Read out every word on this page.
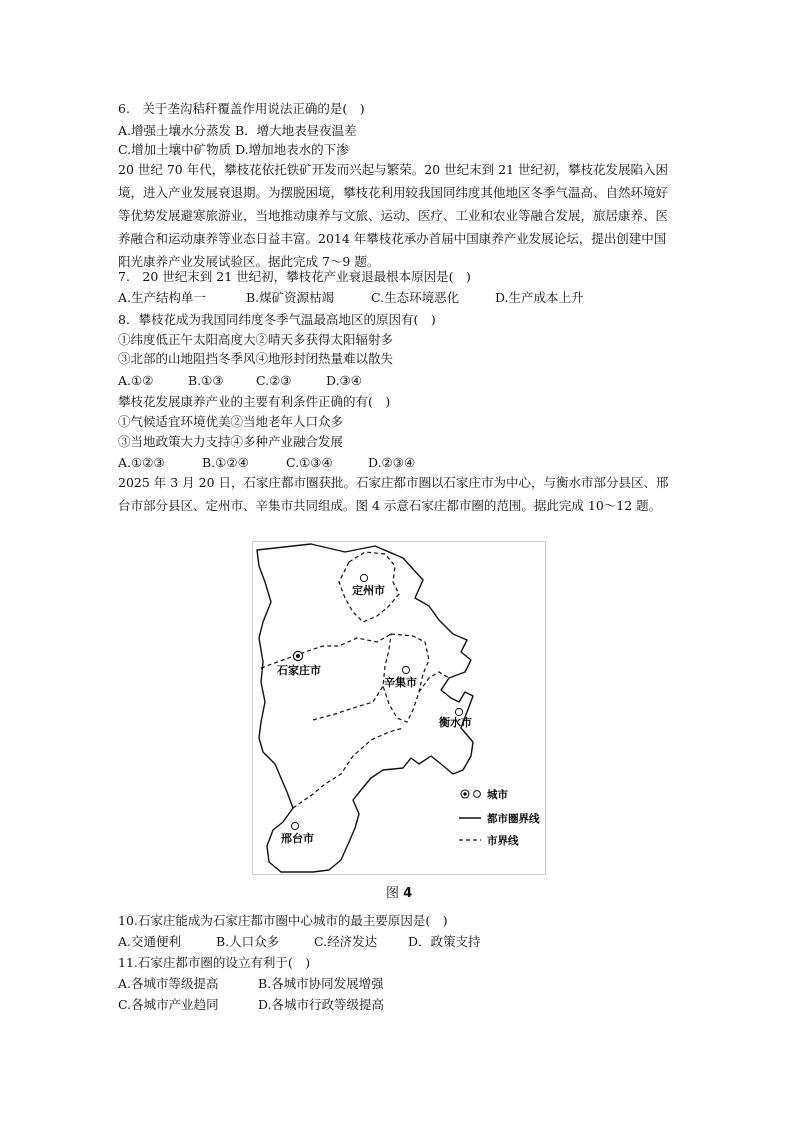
6.　关于垄沟秸秆覆盖作用说法正确的是(　)
A.增强土壤水分蒸发 B．增大地表昼夜温差
C.增加土壤中矿物质 D.增加地表水的下渗
20 世纪 70 年代，攀枝花依托铁矿开发而兴起与繁荣。20 世纪末到 21 世纪初，攀枝花发展陷入困境，进入产业发展衰退期。为摆脱困境，攀枝花利用较我国同纬度其他地区冬季气温高、自然环境好等优势发展避寒旅游业，当地推动康养与文旅、运动、医疗、工业和农业等融合发展，旅居康养、医养融合和运动康养等业态日益丰富。2014 年攀枝花承办首届中国康养产业发展论坛，提出创建中国阳光康养产业发展试验区。据此完成 7～9 题。
7.　20 世纪末到 21 世纪初，攀枝花产业衰退最根本原因是(　)
A.生产结构单一	B.煤矿资源枯竭	C.生态环境恶化	D.生产成本上升
8．攀枝花成为我国同纬度冬季气温最高地区的原因有(　)
①纬度低正午太阳高度大②晴天多获得太阳辐射多
③北部的山地阻挡冬季风④地形封闭热量难以散失
A.①②	B.①③	C.②③	D.③④
攀枝花发展康养产业的主要有利条件正确的有(　)
①气候适宜环境优美②当地老年人口众多
③当地政策大力支持④多种产业融合发展
A.①②③	B.①②④	C.①③④	D.②③④
2025 年 3 月 20 日，石家庄都市圈获批。石家庄都市圈以石家庄市为中心，与衡水市部分县区、邢台市部分县区、定州市、辛集市共同组成。图 4 示意石家庄都市圈的范围。据此完成 10～12 题。
定州市
石家庄市
辛集市
衡水市
邢台市
城市
都市圈界线
市界线
图 4
10.石家庄能成为石家庄都市圈中心城市的最主要原因是(　)
A.交通便利	B.人口众多	C.经济发达 D．政策支持
11.石家庄都市圈的设立有利于(　)
A.各城市等级提高	B.各城市协同发展增强
C.各城市产业趋同	D.各城市行政等级提高
